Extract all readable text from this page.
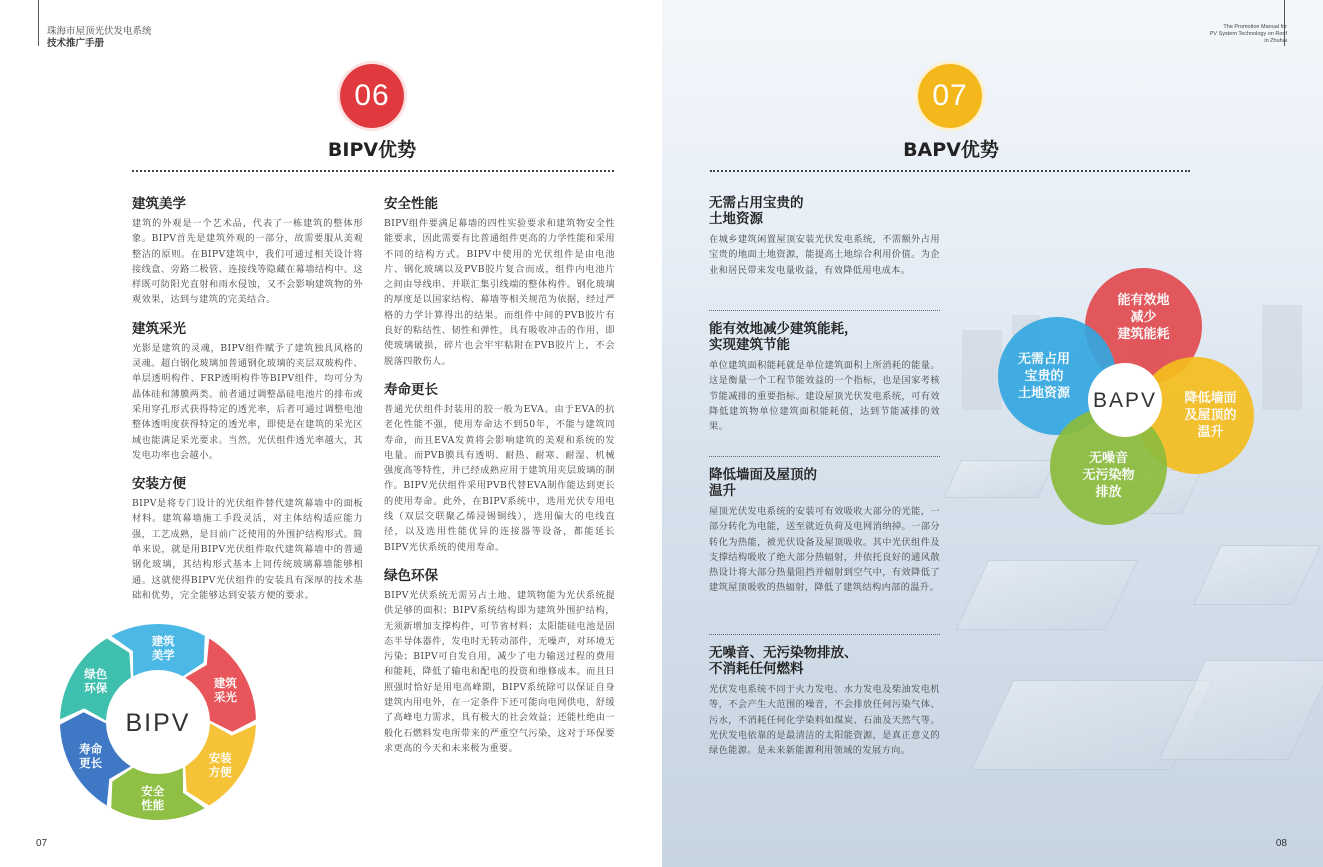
珠海市屋顶光伏发电系统
技术推广手册
06
BIPV优势
建筑美学
建筑的外观是一个艺术品，代表了一栋建筑的整体形象。BIPV首先是建筑外观的一部分，故需要服从美观整洁的原则。在BIPV建筑中，我们可通过相关设计将接线盒、旁路二极管、连接线等隐藏在幕墙结构中。这样既可防阳光直射和雨水侵蚀，又不会影响建筑物的外观效果，达到与建筑的完美结合。
建筑采光
光影是建筑的灵魂，BIPV组件赋予了建筑独具风格的灵魂。超白钢化玻璃加普通钢化玻璃的夹层双玻构件、单层透明构件、FRP透明构件等BIPV组件，均可分为晶体硅和薄膜两类。前者通过调整晶硅电池片的排布或采用穿孔形式获得特定的透光率，后者可通过调整电池整体透明度获得特定的透光率，即使是在建筑的采光区域也能满足采光要求。当然，光伏组件透光率越大，其发电功率也会越小。
安装方便
BIPV是将专门设计的光伏组件替代建筑幕墙中的面板材料。建筑幕墙施工手段灵活，对主体结构适应能力强，工艺成熟，是目前广泛使用的外围护结构形式。简单来说，就是用BIPV光伏组件取代建筑幕墙中的普通钢化玻璃，其结构形式基本上同传统玻璃幕墙能够相通。这就使得BIPV光伏组件的安装具有深厚的技术基础和优势，完全能够达到安装方便的要求。
安全性能
BIPV组件要满足幕墙的四性实验要求和建筑物安全性能要求，因此需要有比普通组件更高的力学性能和采用不同的结构方式。BIPV中使用的光伏组件是由电池片、钢化玻璃以及PVB胶片复合而成，组件内电池片之间由导线串、并联汇集引线端的整体构件。钢化玻璃的厚度是以国家结构、幕墙等相关规范为依据，经过严格的力学计算得出的结果。而组件中间的PVB胶片有良好的粘结性、韧性和弹性，具有吸收冲击的作用，即使玻璃破损，碎片也会牢牢粘附在PVB胶片上，不会脱落四散伤人。
寿命更长
普通光伏组件封装用的胶一般为EVA。由于EVA的抗老化性能不强，使用寿命达不到50年，不能与建筑同寿命，而且EVA发黄将会影响建筑的美观和系统的发电量。而PVB膜具有透明、耐热、耐寒、耐湿、机械强度高等特性，并已经成熟应用于建筑用夹层玻璃的制作。BIPV光伏组件采用PVB代替EVA制作能达到更长的使用寿命。此外，在BIPV系统中，选用光伏专用电线（双层交联聚乙烯浸锡铜线），选用偏大的电线直径，以及选用性能优异的连接器等设备，都能延长BIPV光伏系统的使用寿命。
绿色环保
BIPV光伏系统无需另占土地、建筑物能为光伏系统提供足够的面积；BIPV系统结构即为建筑外围护结构，无须新增加支撑构件，可节省材料；太阳能硅电池是固态半导体器件，发电时无转动部件，无噪声，对环境无污染；BIPV可自发自用，减少了电力输送过程的费用和能耗，降低了输电和配电的投资和维修成本。而且日照强时恰好是用电高峰期，BIPV系统除可以保证自身建筑内用电外，在一定条件下还可能向电网供电，舒缓了高峰电力需求，具有极大的社会效益；还能杜绝由一般化石燃料发电所带来的严重空气污染，这对于环保要求更高的今天和未来极为重要。
BIPV
建筑
美学
建筑
采光
安装
方便
安全
性能
寿命
更长
绿色
环保
07
The Promotion Manual for
PV System Technology on Roof
in Zhuhai
07
BAPV优势
无需占用宝贵的
土地资源
在城乡建筑闲置屋顶安装光伏发电系统，不需额外占用宝贵的地面土地资源，能提高土地综合利用价值。为企业和居民带来发电量收益，有效降低用电成本。
能有效地减少建筑能耗，
实现建筑节能
单位建筑面积能耗就是单位建筑面积上所消耗的能量。这是衡量一个工程节能效益的一个指标，也是国家考核节能减排的重要指标。建设屋顶光伏发电系统，可有效降低建筑物单位建筑面积能耗值，达到节能减排的效果。
降低墙面及屋顶的
温升
屋顶光伏发电系统的安装可有效吸收大部分的光能，一部分转化为电能，送至就近负荷及电网消纳掉。一部分转化为热能，被光伏设备及屋顶吸收。其中光伏组件及支撑结构吸收了绝大部分热辐射，并依托良好的通风散热设计将大部分热量阻挡并辐射到空气中，有效降低了建筑屋顶吸收的热辐射，降低了建筑结构内部的温升。
无噪音、无污染物排放、
不消耗任何燃料
光伏发电系统不同于火力发电、水力发电及柴油发电机等，不会产生大范围的噪音，不会排放任何污染气体、污水，不消耗任何化学染料如煤炭、石油及天然气等。光伏发电依靠的是最清洁的太阳能资源，是真正意义的绿色能源。是未来新能源利用领域的发展方向。
能有效地
减少
建筑能耗
无需占用
宝贵的
土地资源	降低墙面
及屋顶的
温升
无噪音
无污染物
排放
BAPV
08
